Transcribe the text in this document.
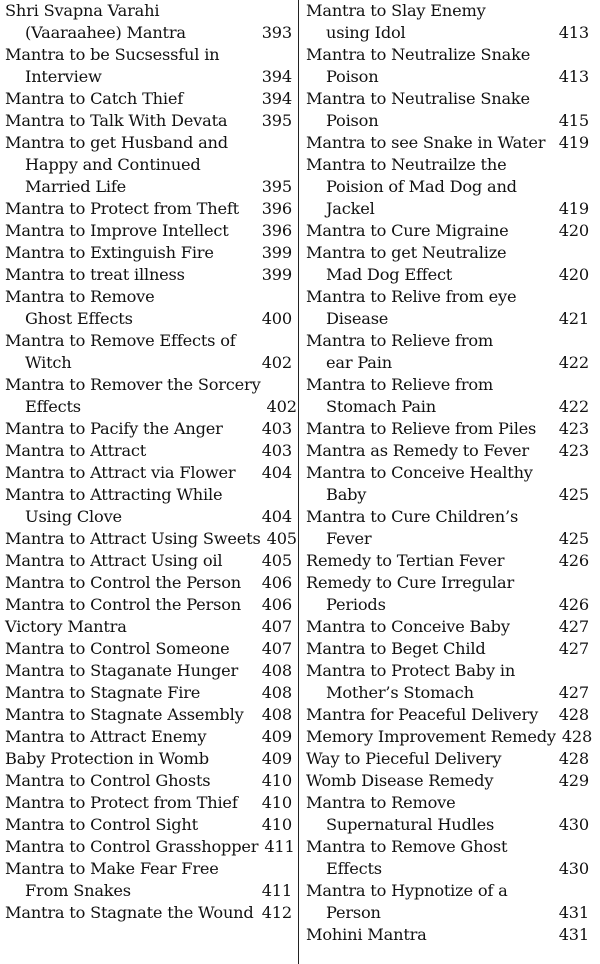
Shri Svapna Varahi
(Vaaraahee) Mantra	393
Mantra to be Sucsessful in
Interview	394
Mantra to Catch Thief	394
Mantra to Talk With Devata	395
Mantra to get Husband and
Happy and Continued
Married Life	395
Mantra to Protect from Theft	396
Mantra to Improve Intellect	396
Mantra to Extinguish Fire	399
Mantra to treat illness	399
Mantra to Remove
Ghost Effects	400
Mantra to Remove Effects of
Witch	402
Mantra to Remover the Sorcery
Effects	402
Mantra to Pacify the Anger	403
Mantra to Attract	403
Mantra to Attract via Flower	404
Mantra to Attracting While
Using Clove	404
Mantra to Attract Using Sweets 405
Mantra to Attract Using oil	405
Mantra to Control the Person	406
Mantra to Control the Person	406
Victory Mantra	407
Mantra to Control Someone	407
Mantra to Staganate Hunger	408
Mantra to Stagnate Fire	408
Mantra to Stagnate Assembly	408
Mantra to Attract Enemy	409
Baby Protection in Womb	409
Mantra to Control Ghosts	410
Mantra to Protect from Thief	410
Mantra to Control Sight	410
Mantra to Control Grasshopper 411
Mantra to Make Fear Free
From Snakes	411
Mantra to Stagnate the Wound 412
Mantra to Slay Enemy
using Idol	413
Mantra to Neutralize Snake
Poison	413
Mantra to Neutralise Snake
Poison	415
Mantra to see Snake in Water 419
Mantra to Neutrailze the
Poision of Mad Dog and
Jackel	419
Mantra to Cure Migraine	420
Mantra to get Neutralize
Mad Dog Effect	420
Mantra to Relive from eye
Disease	421
Mantra to Relieve from
ear Pain	422
Mantra to Relieve from
Stomach Pain	422
Mantra to Relieve from Piles	423
Mantra as Remedy to Fever	423
Mantra to Conceive Healthy
Baby	425
Mantra to Cure Children’s
Fever	425
Remedy to Tertian Fever	426
Remedy to Cure Irregular
Periods	426
Mantra to Conceive Baby	427
Mantra to Beget Child	427
Mantra to Protect Baby in
Mother’s Stomach	427
Mantra for Peaceful Delivery	428
Memory Improvement Remedy 428
Way to Pieceful Delivery	428
Womb Disease Remedy	429
Mantra to Remove
Supernatural Hudles	430
Mantra to Remove Ghost
Effects	430
Mantra to Hypnotize of a
Person	431
Mohini Mantra	431
